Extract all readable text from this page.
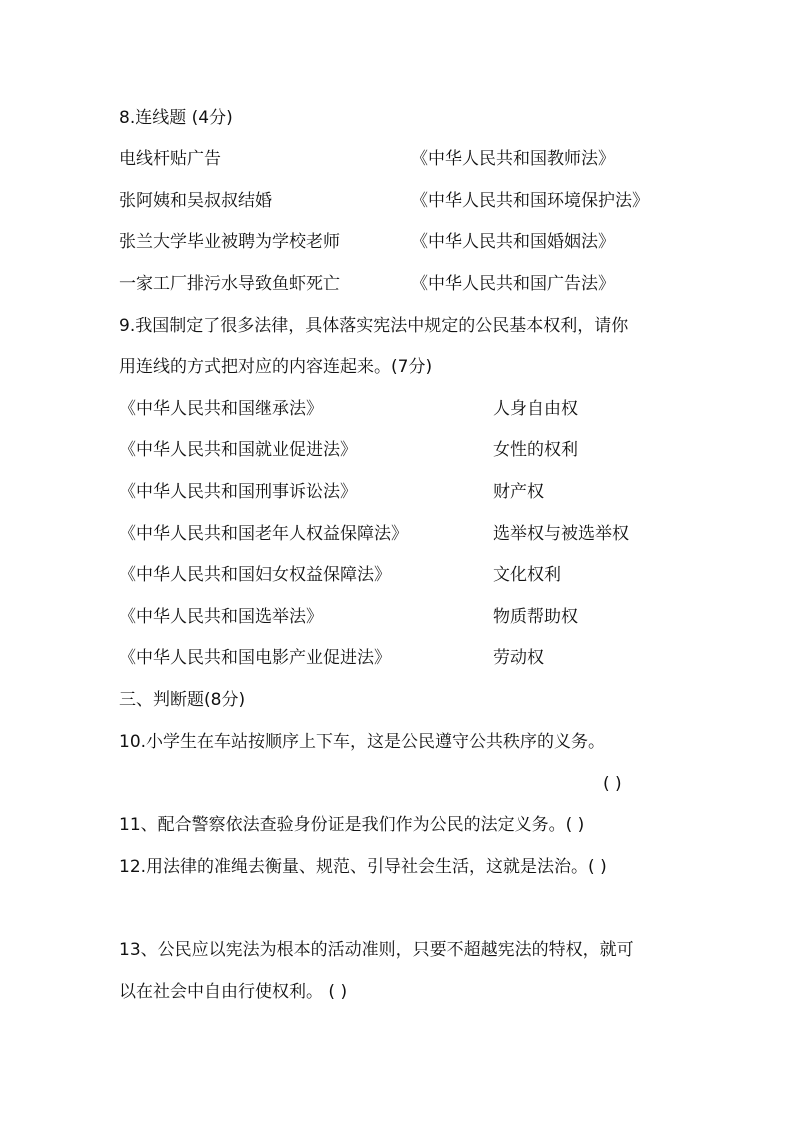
8.连线题 (4分)
电线杆贴广告	《中华人民共和国教师法》
张阿姨和吴叔叔结婚	《中华人民共和国环境保护法》
张兰大学毕业被聘为学校老师	《中华人民共和国婚姻法》
一家工厂排污水导致鱼虾死亡	《中华人民共和国广告法》
9.我国制定了很多法律，具体落实宪法中规定的公民基本权利，请你
用连线的方式把对应的内容连起来。(7分)
《中华人民共和国继承法》	人身自由权
《中华人民共和国就业促进法》	女性的权利
《中华人民共和国刑事诉讼法》	财产权
《中华人民共和国老年人权益保障法》	选举权与被选举权
《中华人民共和国妇女权益保障法》	文化权利
《中华人民共和国选举法》	物质帮助权
《中华人民共和国电影产业促进法》	劳动权
三、判断题(8分)
10.小学生在车站按顺序上下车，这是公民遵守公共秩序的义务。
( )
11、配合警察依法查验身份证是我们作为公民的法定义务。( )
12.用法律的准绳去衡量、规范、引导社会生活，这就是法治。( )
13、公民应以宪法为根本的活动准则，只要不超越宪法的特权，就可
以在社会中自由行使权利。 ( )
